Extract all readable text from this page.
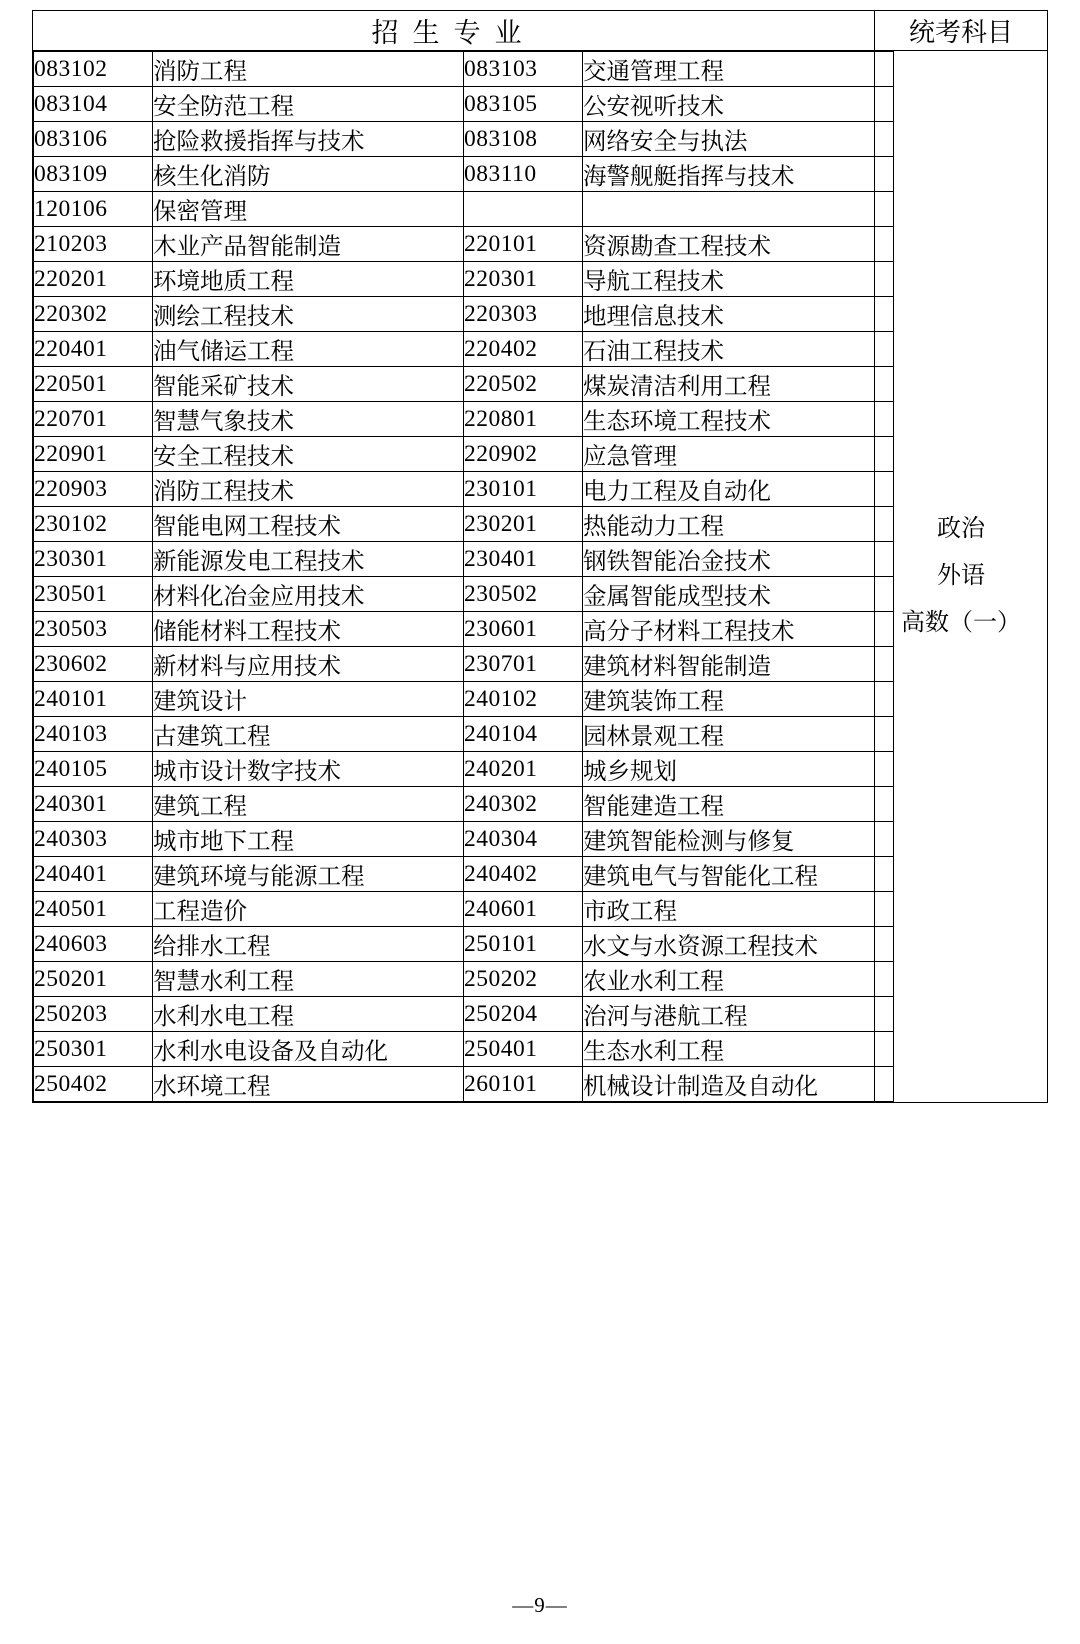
招生专业	统考科目

083102	消防工程	083103	交通管理工程
083104	安全防范工程	083105	公安视听技术
083106	抢险救援指挥与技术	083108	网络安全与执法
083109	核生化消防	083110	海警舰艇指挥与技术
120106	保密管理		
210203	木业产品智能制造	220101	资源勘查工程技术
220201	环境地质工程	220301	导航工程技术
220302	测绘工程技术	220303	地理信息技术
220401	油气储运工程	220402	石油工程技术
220501	智能采矿技术	220502	煤炭清洁利用工程
220701	智慧气象技术	220801	生态环境工程技术
220901	安全工程技术	220902	应急管理
220903	消防工程技术	230101	电力工程及自动化
230102	智能电网工程技术	230201	热能动力工程
230301	新能源发电工程技术	230401	钢铁智能冶金技术
230501	材料化冶金应用技术	230502	金属智能成型技术
230503	储能材料工程技术	230601	高分子材料工程技术
230602	新材料与应用技术	230701	建筑材料智能制造
240101	建筑设计	240102	建筑装饰工程
240103	古建筑工程	240104	园林景观工程
240105	城市设计数字技术	240201	城乡规划
240301	建筑工程	240302	智能建造工程
240303	城市地下工程	240304	建筑智能检测与修复
240401	建筑环境与能源工程	240402	建筑电气与智能化工程
240501	工程造价	240601	市政工程
240603	给排水工程	250101	水文与水资源工程技术
250201	智慧水利工程	250202	农业水利工程
250203	水利水电工程	250204	治河与港航工程
250301	水利水电设备及自动化	250401	生态水利工程
250402	水环境工程	260101	机械设计制造及自动化

政治
外语
高数（一）
—9—
